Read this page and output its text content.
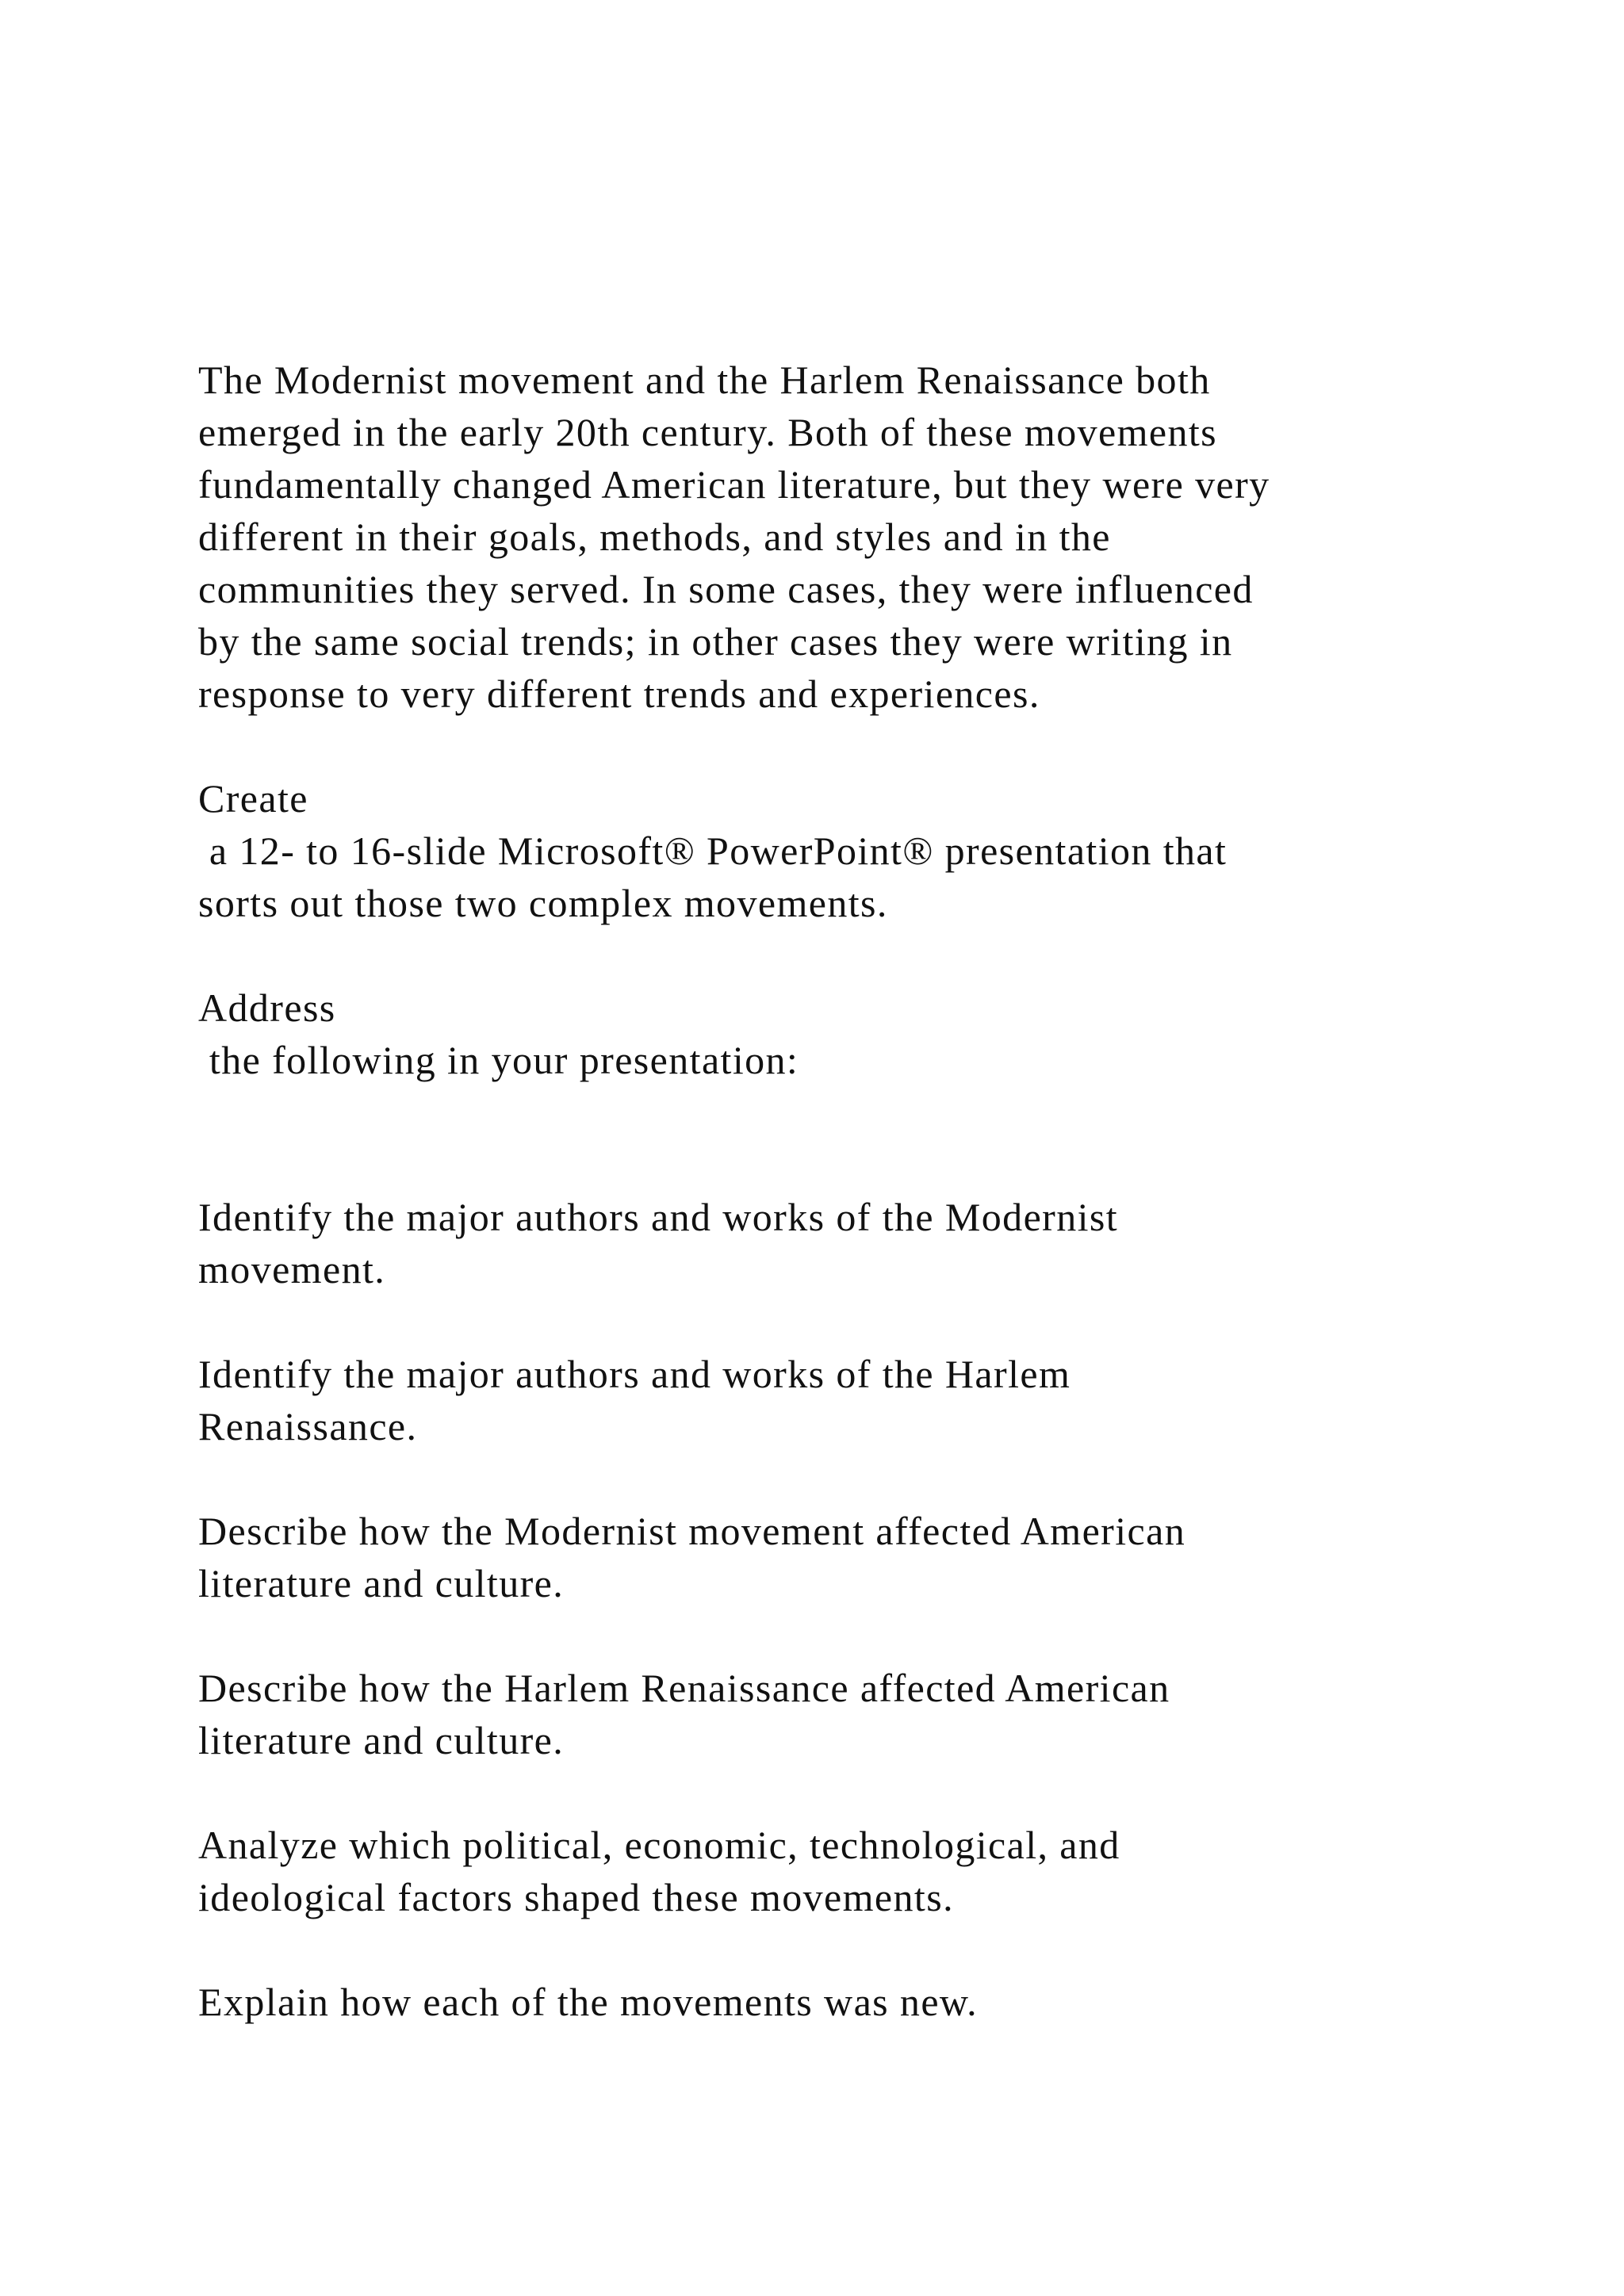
The Modernist movement and the Harlem Renaissance both

emerged in the early 20th century. Both of these movements

fundamentally changed American literature, but they were very

different in their goals, methods, and styles and in the

communities they served. In some cases, they were influenced

by the same social trends; in other cases they were writing in

response to very different trends and experiences.

Create

a 12- to 16-slide Microsoft® PowerPoint® presentation that

sorts out those two complex movements.

Address

the following in your presentation:

Identify the major authors and works of the Modernist

movement.

Identify the major authors and works of the Harlem

Renaissance.

Describe how the Modernist movement affected American

literature and culture.

Describe how the Harlem Renaissance affected American

literature and culture.

Analyze which political, economic, technological, and

ideological factors shaped these movements.

Explain how each of the movements was new.
